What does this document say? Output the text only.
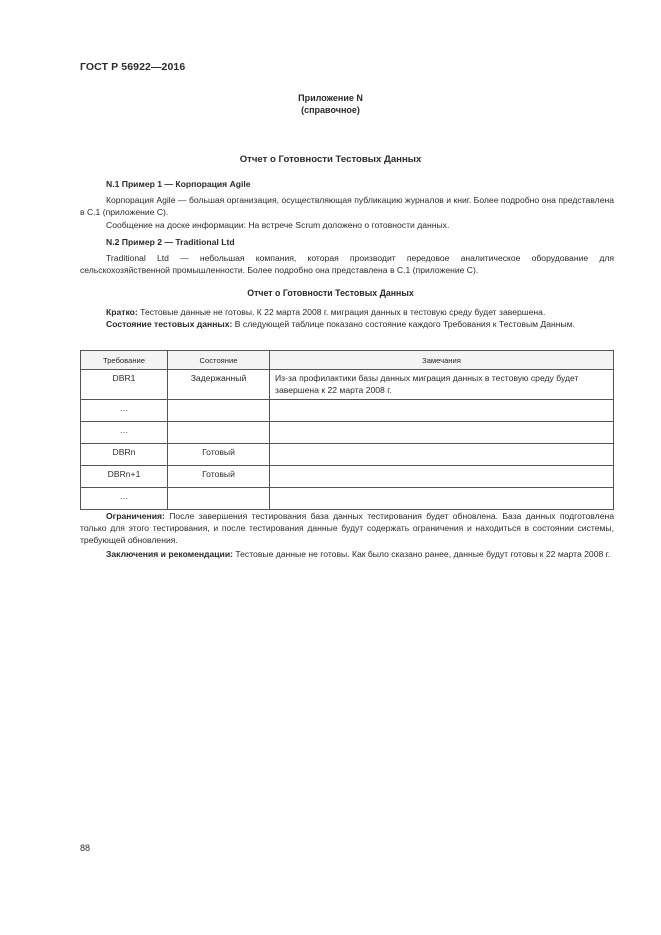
ГОСТ Р 56922—2016
Приложение N
(справочное)
Отчет о Готовности Тестовых Данных

N.1 Пример 1 — Корпорация Agile

Корпорация Agile — большая организация, осуществляющая публикацию журналов и книг. Более подробно она представлена в С.1 (приложение С).

Сообщение на доске информации: На встрече Scrum доложено о готовности данных.

N.2 Пример 2 — Traditional Ltd

Traditional Ltd — небольшая компания, которая производит передовое аналитическое оборудование для сельскохозяйственной промышленности. Более подробно она представлена в С.1 (приложение С).

Отчет о Готовности Тестовых Данных

Кратко: Тестовые данные не готовы. К 22 марта 2008 г. миграция данных в тестовую среду будет завершена.

Состояние тестовых данных: В следующей таблице показано состояние каждого Требования к Тестовым Данным.

Требование	Состояние	Замечания
DBR1	Задержанный	Из-за профилактики базы данных миграция данных в тестовую среду будет завершена к 22 марта 2008 г.
…		
…		
DBRn	Готовый	
DBRn+1	Готовый	
…		

Ограничения: После завершения тестирования база данных тестирования будет обновлена. База данных подготовлена только для этого тестирования, и после тестирования данные будут содержать ограничения и находиться в состоянии системы, требующей обновления.

Заключения и рекомендации: Тестовые данные не готовы. Как было сказано ранее, данные будут готовы к 22 марта 2008 г.

88
